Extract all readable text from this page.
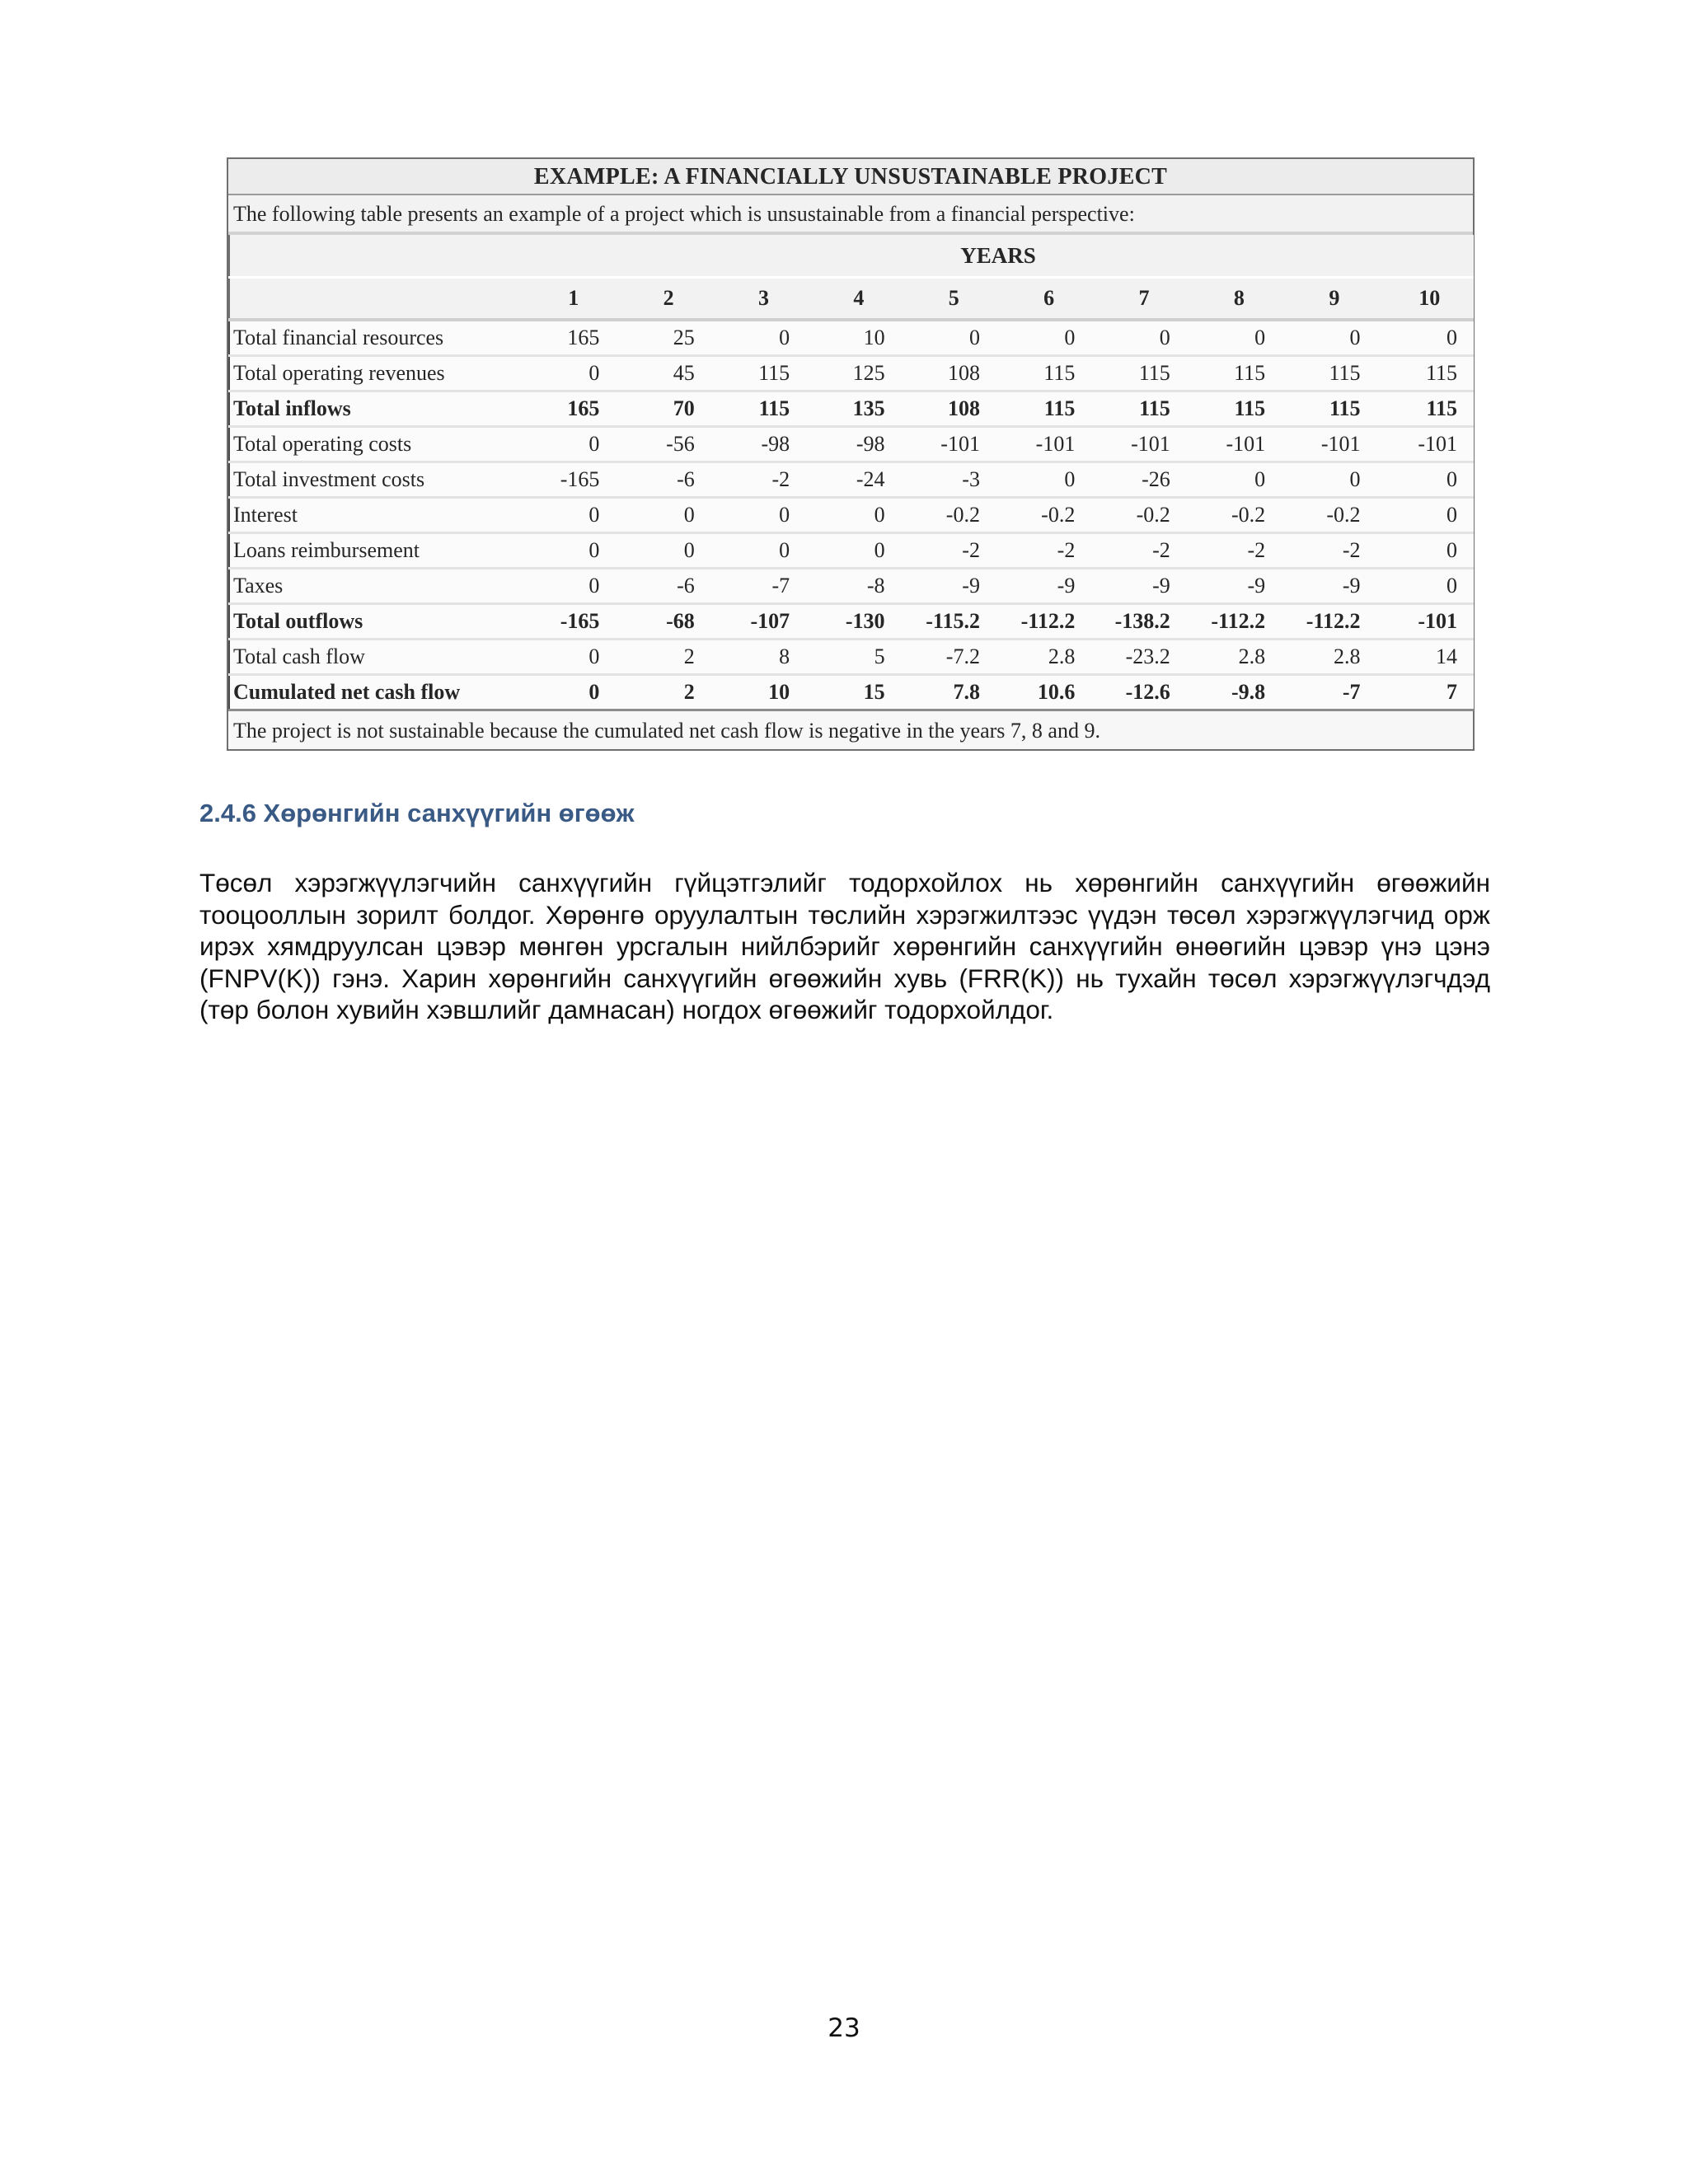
EXAMPLE: A FINANCIALLY UNSUSTAINABLE PROJECT
The following table presents an example of a project which is unsustainable from a financial perspective:
	YEARS									
	1	2	3	4	5	6	7	8	9	10
Total financial resources	165	25	0	10	0	0	0	0	0	0
Total operating revenues	0	45	115	125	108	115	115	115	115	115
Total inflows	165	70	115	135	108	115	115	115	115	115
Total operating costs	0	-56	-98	-98	-101	-101	-101	-101	-101	-101
Total investment costs	-165	-6	-2	-24	-3	0	-26	0	0	0
Interest	0	0	0	0	-0.2	-0.2	-0.2	-0.2	-0.2	0
Loans reimbursement	0	0	0	0	-2	-2	-2	-2	-2	0
Taxes	0	-6	-7	-8	-9	-9	-9	-9	-9	0
Total outflows	-165	-68	-107	-130	-115.2	-112.2	-138.2	-112.2	-112.2	-101
Total cash flow	0	2	8	5	-7.2	2.8	-23.2	2.8	2.8	14
Cumulated net cash flow	0	2	10	15	7.8	10.6	-12.6	-9.8	-7	7
The project is not sustainable because the cumulated net cash flow is negative in the years 7, 8 and 9.
2.4.6 Хөрөнгийн санхүүгийн өгөөж
Төсөл хэрэгжүүлэгчийн санхүүгийн гүйцэтгэлийг тодорхойлох нь хөрөнгийн санхүүгийн өгөөжийн тооцооллын зорилт болдог. Хөрөнгө оруулалтын төслийн хэрэгжилтээс үүдэн төсөл хэрэгжүүлэгчид орж ирэх хямдруулсан цэвэр мөнгөн урсгалын нийлбэрийг хөрөнгийн санхүүгийн өнөөгийн цэвэр үнэ цэнэ (FNPV(K)) гэнэ. Харин хөрөнгийн санхүүгийн өгөөжийн хувь (FRR(K)) нь тухайн төсөл хэрэгжүүлэгчдэд (төр болон хувийн хэвшлийг дамнасан) ногдох өгөөжийг тодорхойлдог.
23
